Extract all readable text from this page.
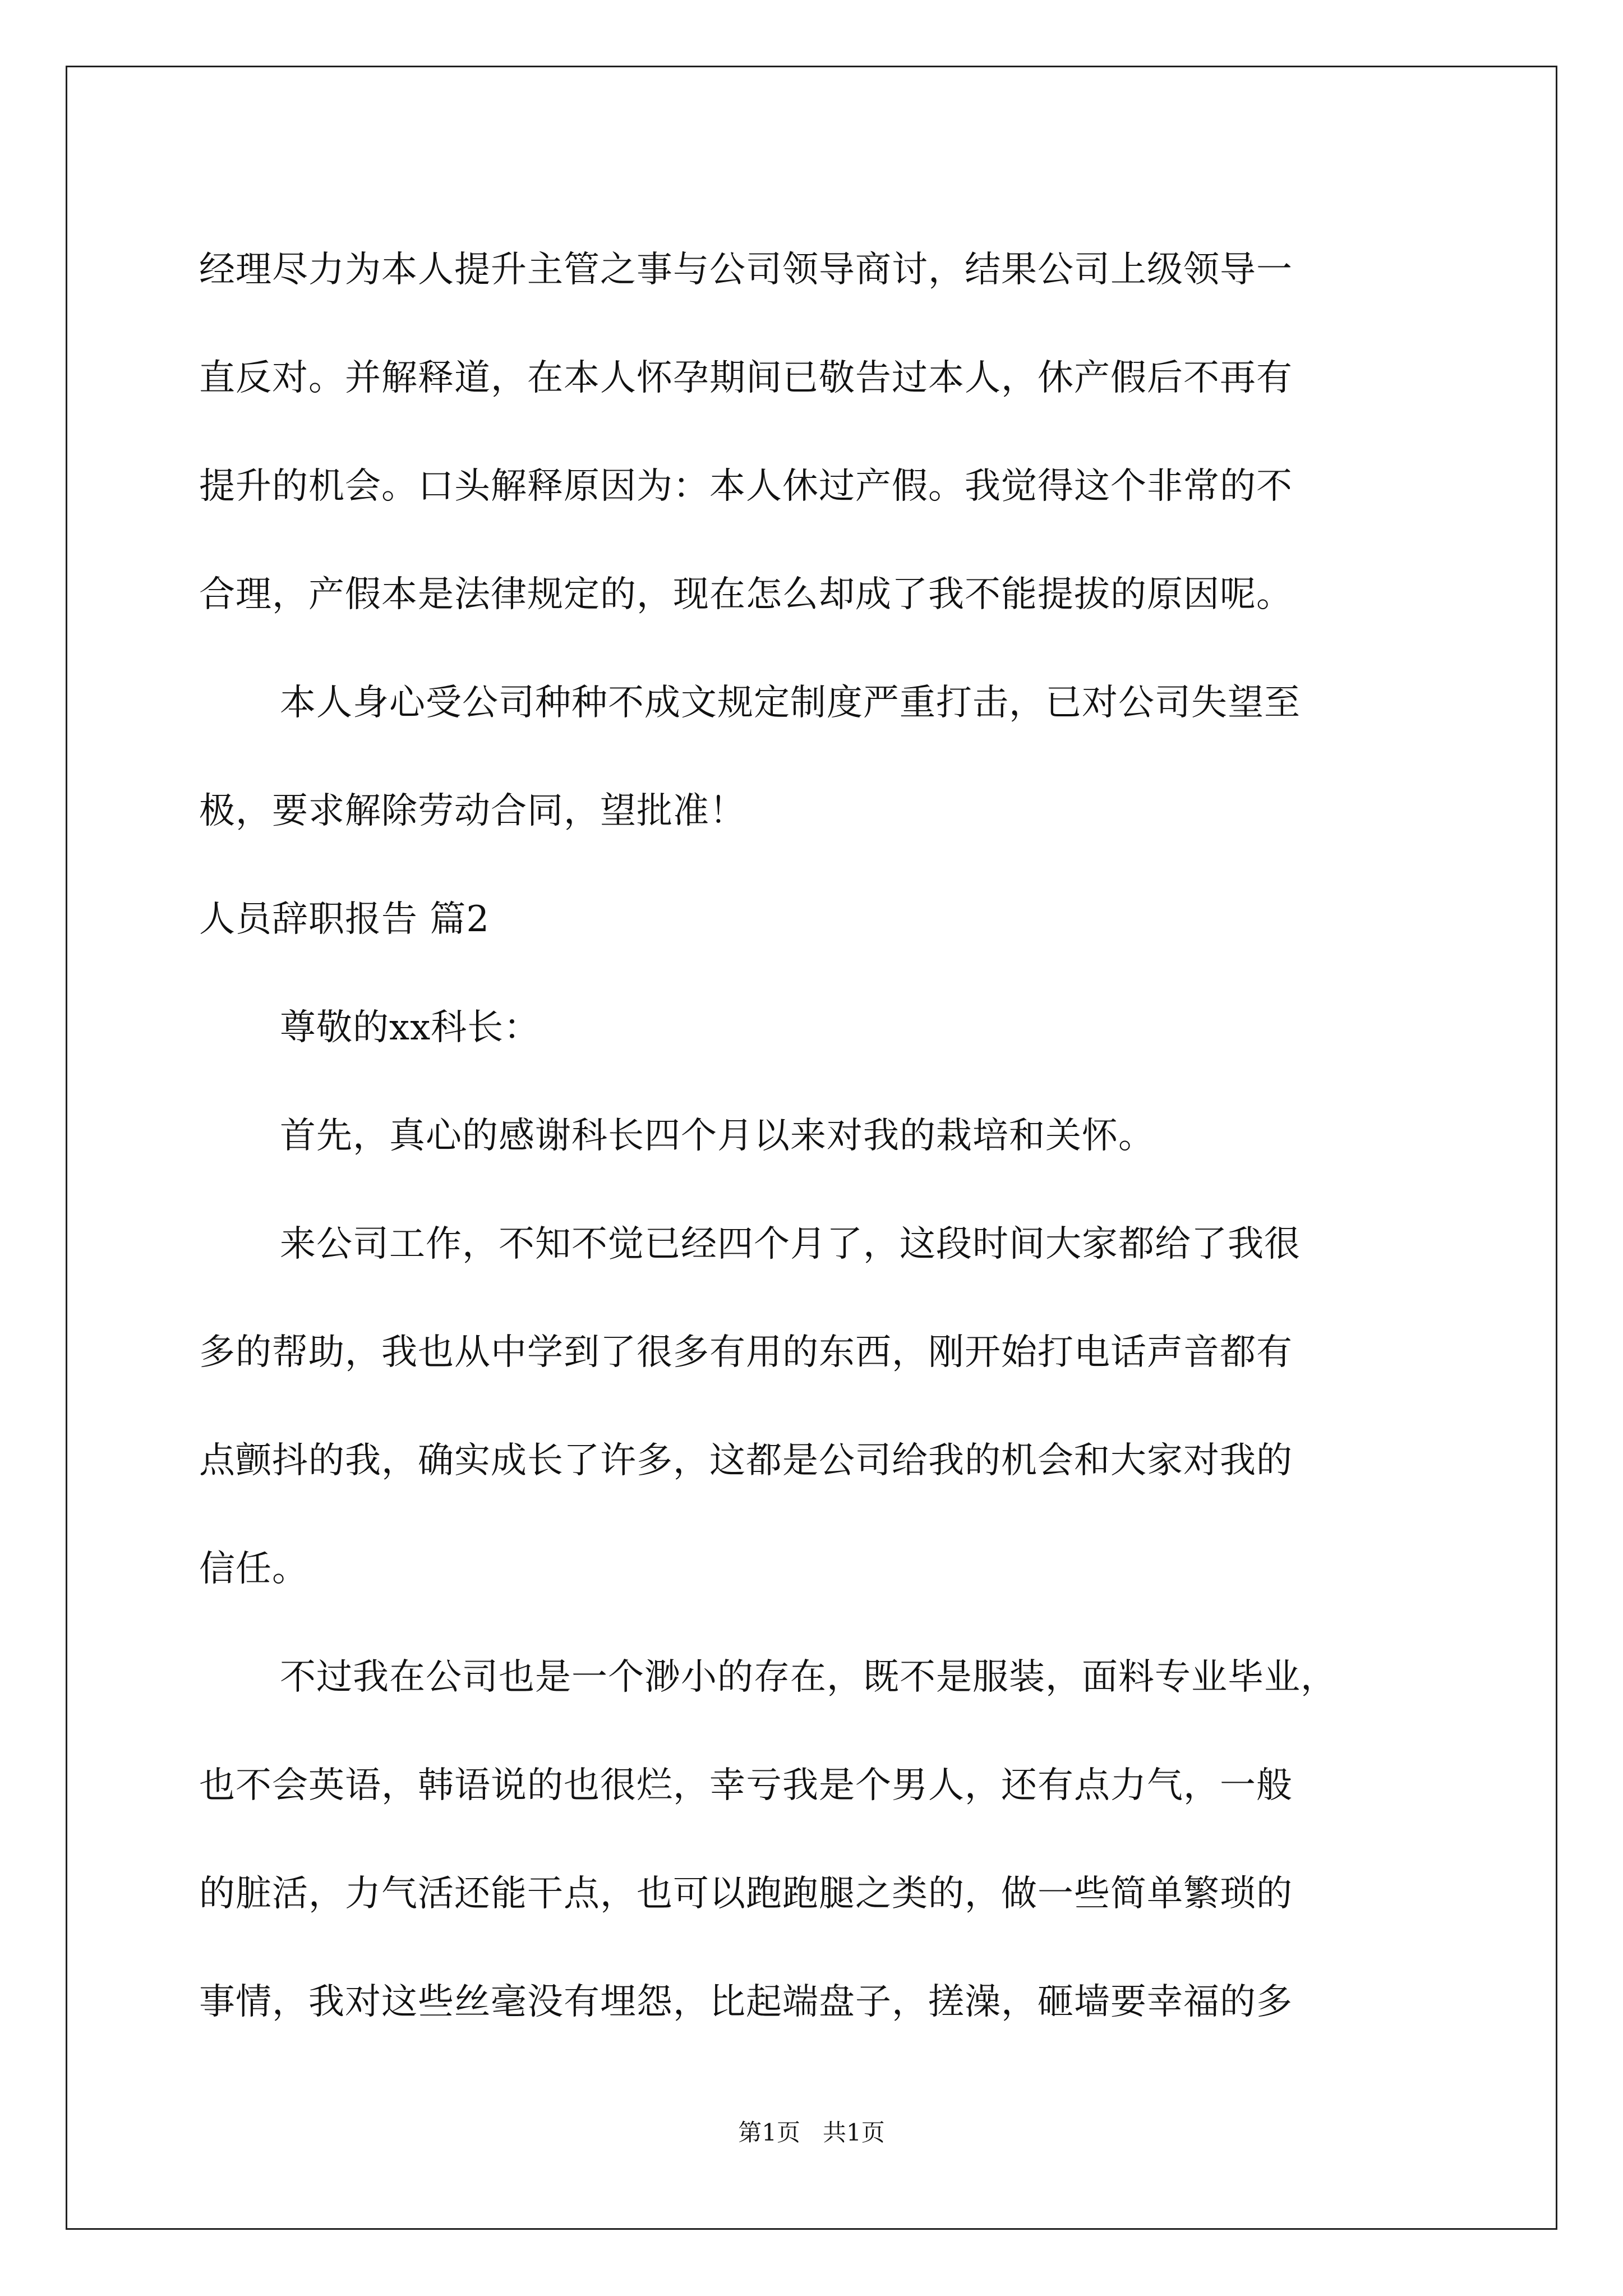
经理尽力为本人提升主管之事与公司领导商讨，结果公司上级领导一
直反对。并解释道，在本人怀孕期间已敬告过本人，休产假后不再有
提升的机会。口头解释原因为：本人休过产假。我觉得这个非常的不
合理，产假本是法律规定的，现在怎么却成了我不能提拔的原因呢。
本人身心受公司种种不成文规定制度严重打击，已对公司失望至
极，要求解除劳动合同，望批准！
人员辞职报告 篇2
尊敬的xx科长：
首先，真心的感谢科长四个月以来对我的栽培和关怀。
来公司工作，不知不觉已经四个月了，这段时间大家都给了我很
多的帮助，我也从中学到了很多有用的东西，刚开始打电话声音都有
点颤抖的我，确实成长了许多，这都是公司给我的机会和大家对我的
信任。
不过我在公司也是一个渺小的存在，既不是服装，面料专业毕业，
也不会英语，韩语说的也很烂，幸亏我是个男人，还有点力气，一般
的脏活，力气活还能干点，也可以跑跑腿之类的，做一些简单繁琐的
事情，我对这些丝毫没有埋怨，比起端盘子，搓澡，砸墙要幸福的多
第1页 共1页
